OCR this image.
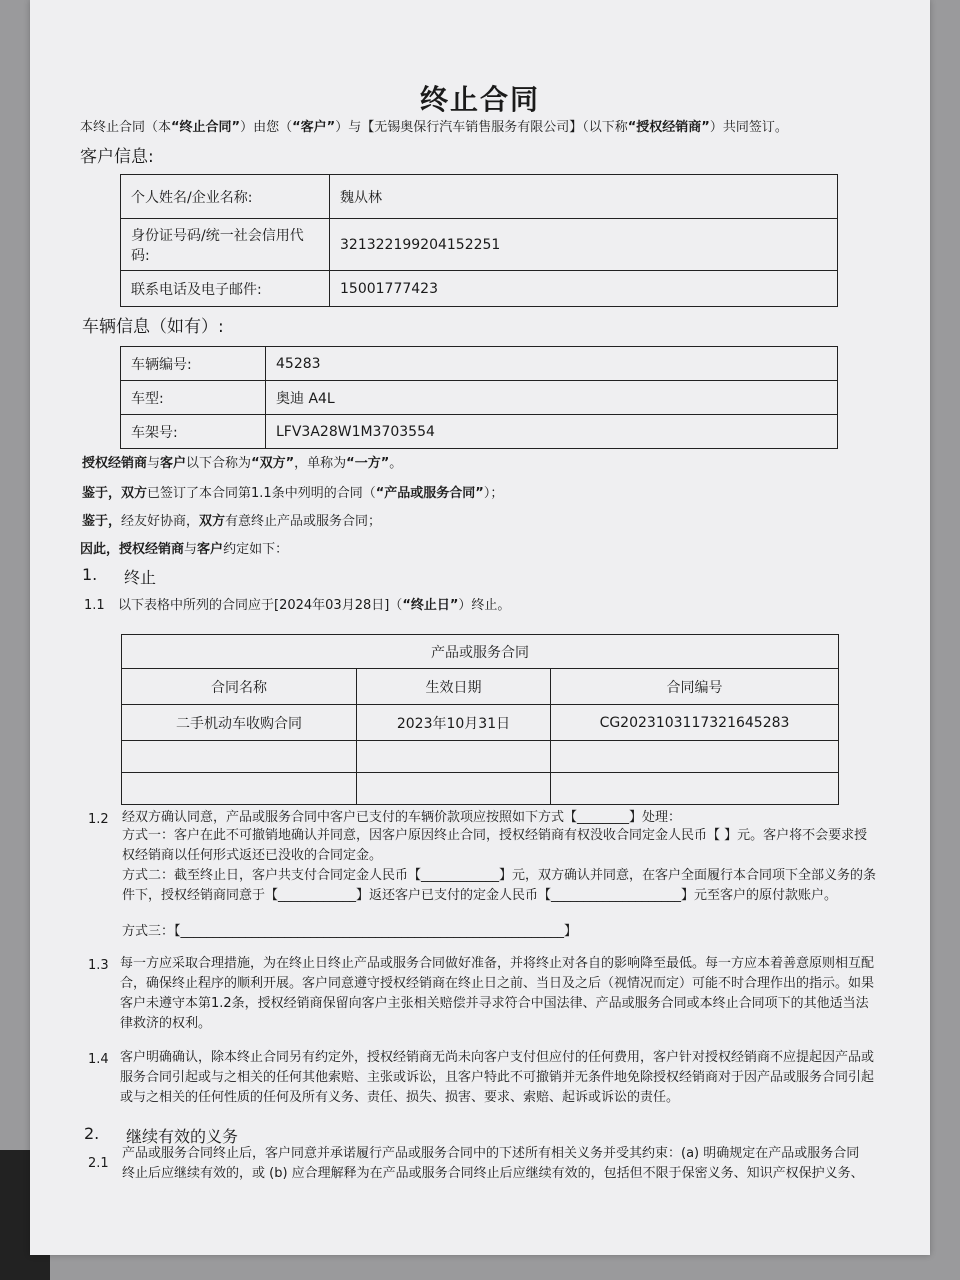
终止合同
本终止合同（本“终止合同”）由您（“客户”）与【无锡奥保行汽车销售服务有限公司】（以下称“授权经销商”）共同签订。
客户信息:
个人姓名/企业名称:	魏从林
身份证号码/统一社会信用代码:	321322199204152251
联系电话及电子邮件:	15001777423
车辆信息（如有）:
车辆编号:	45283
车型:	奥迪 A4L
车架号:	LFV3A28W1M3703554
授权经销商与客户以下合称为“双方”，单称为“一方”。
鉴于，双方已签订了本合同第1.1条中列明的合同（“产品或服务合同”）；
鉴于，经友好协商，双方有意终止产品或服务合同；
因此，授权经销商与客户约定如下：
1. 终止
1.1 以下表格中所列的合同应于[2024年03月28日]（“终止日”）终止。
产品或服务合同		
合同名称	生效日期	合同编号
二手机动车收购合同	2023年10月31日	CG2023103117321645283

1.2 经双方确认同意，产品或服务合同中客户已支付的车辆价款项应按照如下方式【________】处理：
方式一：客户在此不可撤销地确认并同意，因客户原因终止合同，授权经销商有权没收合同定金人民币【 】元。客户将不会要求授权经销商以任何形式返还已没收的合同定金。
方式二：截至终止日，客户共支付合同定金人民币【____________】元，双方确认并同意，在客户全面履行本合同项下全部义务的条件下，授权经销商同意于【____________】返还客户已支付的定金人民币【____________________】元至客户的原付款账户。
方式三：【___________________________________________________________】
1.3 每一方应采取合理措施，为在终止日终止产品或服务合同做好准备，并将终止对各自的影响降至最低。每一方应本着善意原则相互配合，确保终止程序的顺利开展。客户同意遵守授权经销商在终止日之前、当日及之后（视情况而定）可能不时合理作出的指示。如果客户未遵守本第1.2条，授权经销商保留向客户主张相关赔偿并寻求符合中国法律、产品或服务合同或本终止合同项下的其他适当法律救济的权利。
1.4 客户明确确认，除本终止合同另有约定外，授权经销商无尚未向客户支付但应付的任何费用，客户针对授权经销商不应提起因产品或服务合同引起或与之相关的任何其他索赔、主张或诉讼，且客户特此不可撤销并无条件地免除授权经销商对于因产品或服务合同引起或与之相关的任何性质的任何及所有义务、责任、损失、损害、要求、索赔、起诉或诉讼的责任。
2. 继续有效的义务
2.1
产品或服务合同终止后，客户同意并承诺履行产品或服务合同中的下述所有相关义务并受其约束：(a) 明确规定在产品或服务合同终止后应继续有效的，或 (b) 应合理解释为在产品或服务合同终止后应继续有效的，包括但不限于保密义务、知识产权保护义务、
